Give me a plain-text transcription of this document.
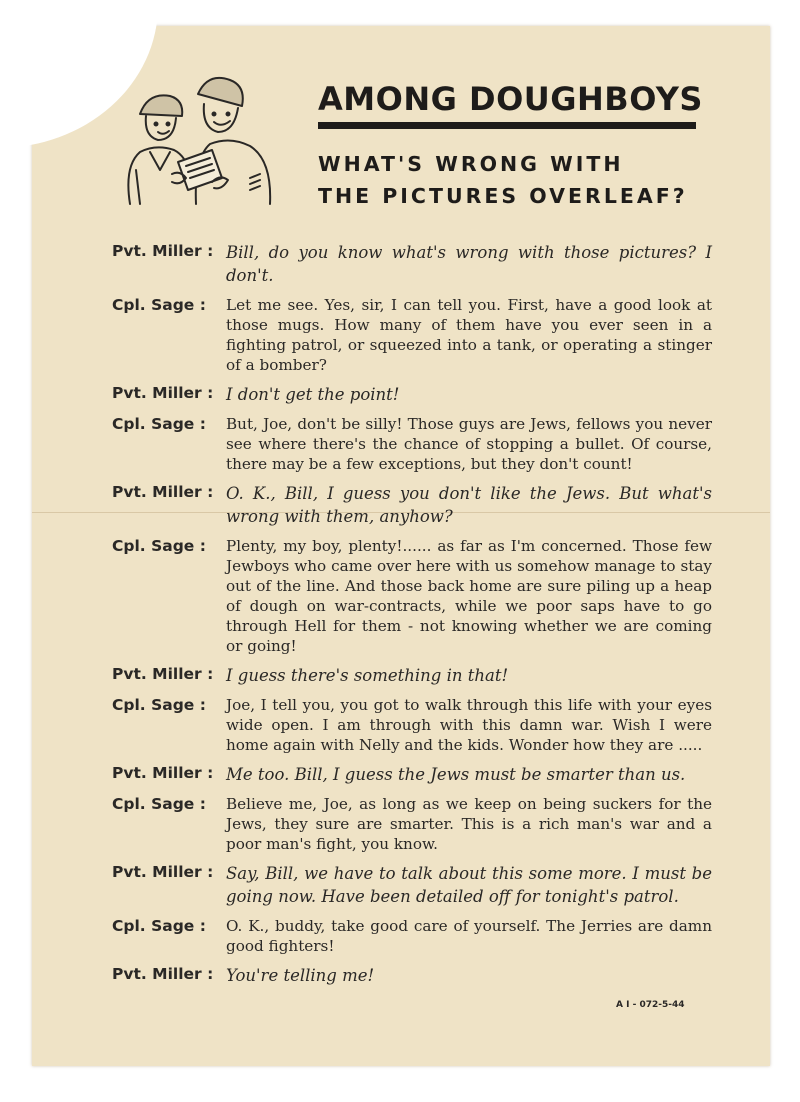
AMONG DOUGHBOYS
WHAT'S WRONG WITH
THE PICTURES OVERLEAF?
Pvt. Miller : Bill, do you know what's wrong with those pictures? I don't.
Cpl. Sage :	Let me see. Yes, sir, I can tell you. First, have a good look at those mugs. How many of them have you ever seen in a fighting patrol, or squeezed into a tank, or operating a stinger of a bomber?
Pvt. Miller : I don't get the point!
Cpl. Sage :	But, Joe, don't be silly! Those guys are Jews, fellows you never see where there's the chance of stopping a bullet. Of course, there may be a few exceptions, but they don't count!
Pvt. Miller : O. K., Bill, I guess you don't like the Jews. But what's wrong with them, anyhow?
Cpl. Sage :	Plenty, my boy, plenty!...... as far as I'm concerned. Those few Jewboys who came over here with us somehow manage to stay out of the line. And those back home are sure piling up a heap of dough on war-contracts, while we poor saps have to go through Hell for them - not knowing whether we are coming or going!
Pvt. Miller : I guess there's something in that!
Cpl. Sage :	Joe, I tell you, you got to walk through this life with your eyes wide open. I am through with this damn war. Wish I were home again with Nelly and the kids. Wonder how they are .....
Pvt. Miller : Me too. Bill, I guess the Jews must be smarter than us.
Cpl. Sage :	Believe me, Joe, as long as we keep on being suckers for the Jews, they sure are smarter. This is a rich man's war and a poor man's fight, you know.
Pvt. Miller : Say, Bill, we have to talk about this some more. I must be going now. Have been detailed off for tonight's patrol.
Cpl. Sage :	O. K., buddy, take good care of yourself. The Jerries are damn good fighters!
Pvt. Miller : You're telling me!
A I - 072-5-44
